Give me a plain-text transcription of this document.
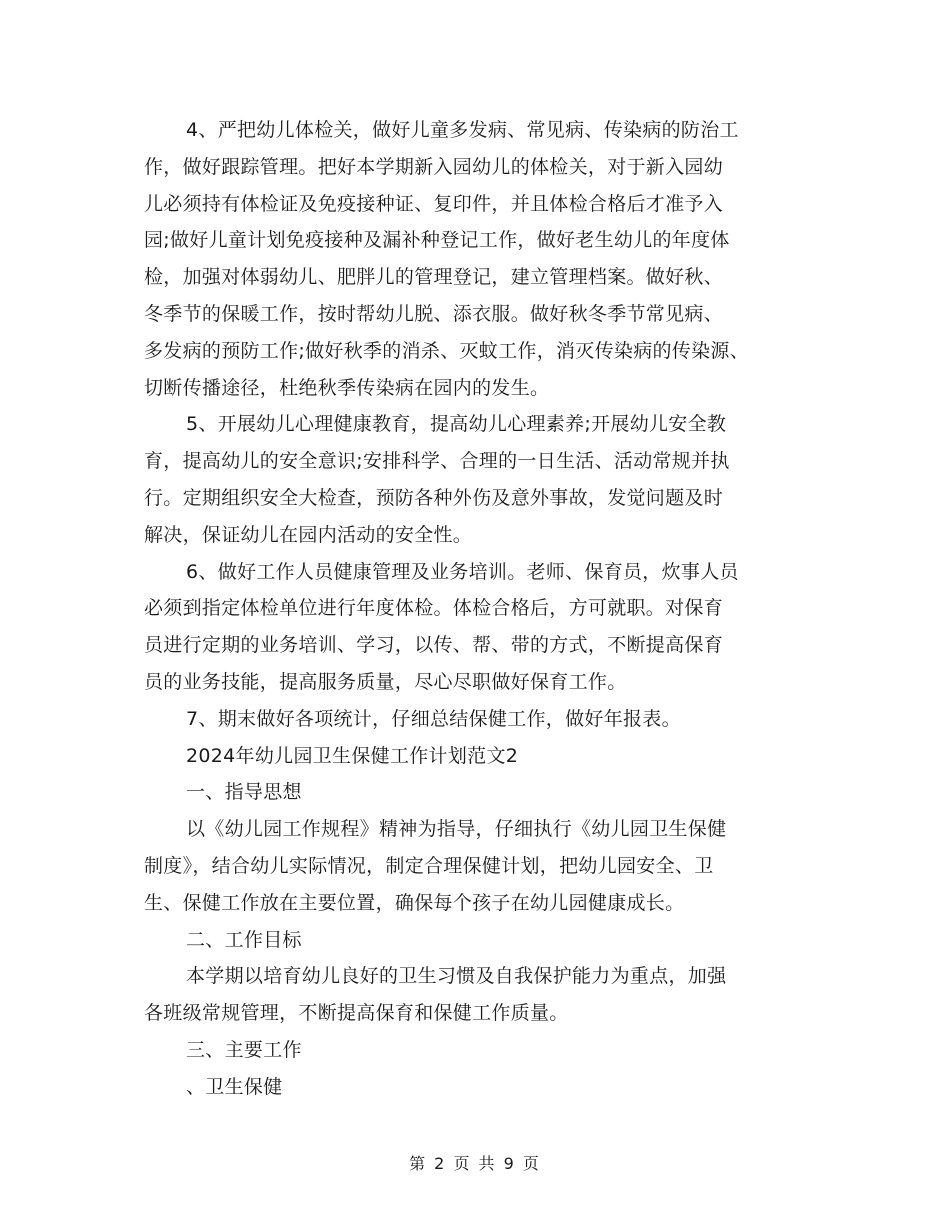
4、严把幼儿体检关，做好儿童多发病、常见病、传染病的防治工
作，做好跟踪管理。把好本学期新入园幼儿的体检关，对于新入园幼
儿必须持有体检证及免疫接种证、复印件，并且体检合格后才准予入
园;做好儿童计划免疫接种及漏补种登记工作，做好老生幼儿的年度体
检，加强对体弱幼儿、肥胖儿的管理登记，建立管理档案。做好秋、
冬季节的保暖工作，按时帮幼儿脱、添衣服。做好秋冬季节常见病、
多发病的预防工作;做好秋季的消杀、灭蚊工作，消灭传染病的传染源、
切断传播途径，杜绝秋季传染病在园内的发生。
5、开展幼儿心理健康教育，提高幼儿心理素养;开展幼儿安全教
育，提高幼儿的安全意识;安排科学、合理的一日生活、活动常规并执
行。定期组织安全大检查，预防各种外伤及意外事故，发觉问题及时
解决，保证幼儿在园内活动的安全性。
6、做好工作人员健康管理及业务培训。老师、保育员，炊事人员
必须到指定体检单位进行年度体检。体检合格后，方可就职。对保育
员进行定期的业务培训、学习，以传、帮、带的方式，不断提高保育
员的业务技能，提高服务质量，尽心尽职做好保育工作。
7、期末做好各项统计，仔细总结保健工作，做好年报表。
2024年幼儿园卫生保健工作计划范文2
一、指导思想
以《幼儿园工作规程》精神为指导，仔细执行《幼儿园卫生保健
制度》，结合幼儿实际情况，制定合理保健计划，把幼儿园安全、卫
生、保健工作放在主要位置，确保每个孩子在幼儿园健康成长。
二、工作目标
本学期以培育幼儿良好的卫生习惯及自我保护能力为重点，加强
各班级常规管理，不断提高保育和保健工作质量。
三、主要工作
、卫生保健
第 2 页 共 9 页
